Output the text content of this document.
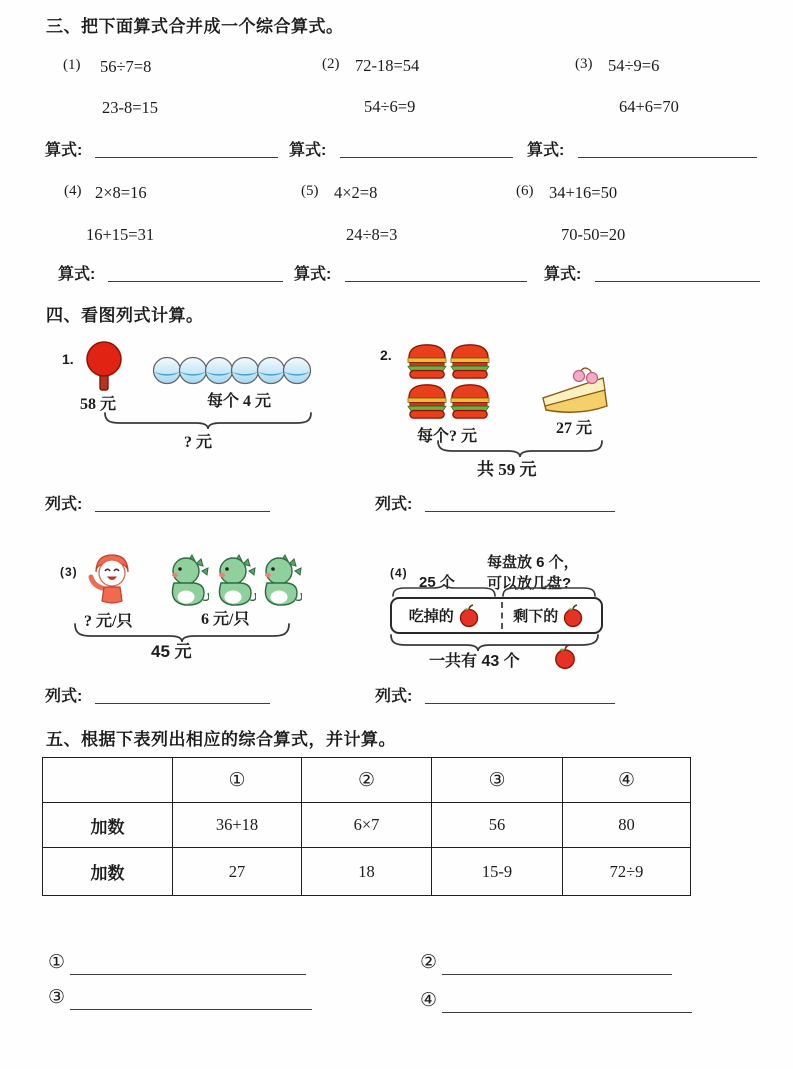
三、把下面算式合并成一个综合算式。
(1) 56÷7=8
23-8=15
(2) 72-18=54
54÷6=9
(3) 54÷9=6
64+6=70
算式:	算式:	算式:
(4) 2×8=16
16+15=31
(5) 4×2=8
24÷8=3
(6) 34+16=50
70-50=20
算式:	算式:	算式:
四、看图列式计算。
1.
58 元	每个 4 元
? 元
2.
每个? 元	27 元
共 59 元
列式:	列式:
(3)
? 元/只	6 元/只
45 元
(4)
25 个
每盘放 6 个，
可以放几盘?
吃掉的	剩下的
一共有 43 个
列式:	列式:
五、根据下表列出相应的综合算式，并计算。
	①	②	③	④
加数	36+18	6×7	56	80
加数	27	18	15-9	72÷9
①	②
③	④
